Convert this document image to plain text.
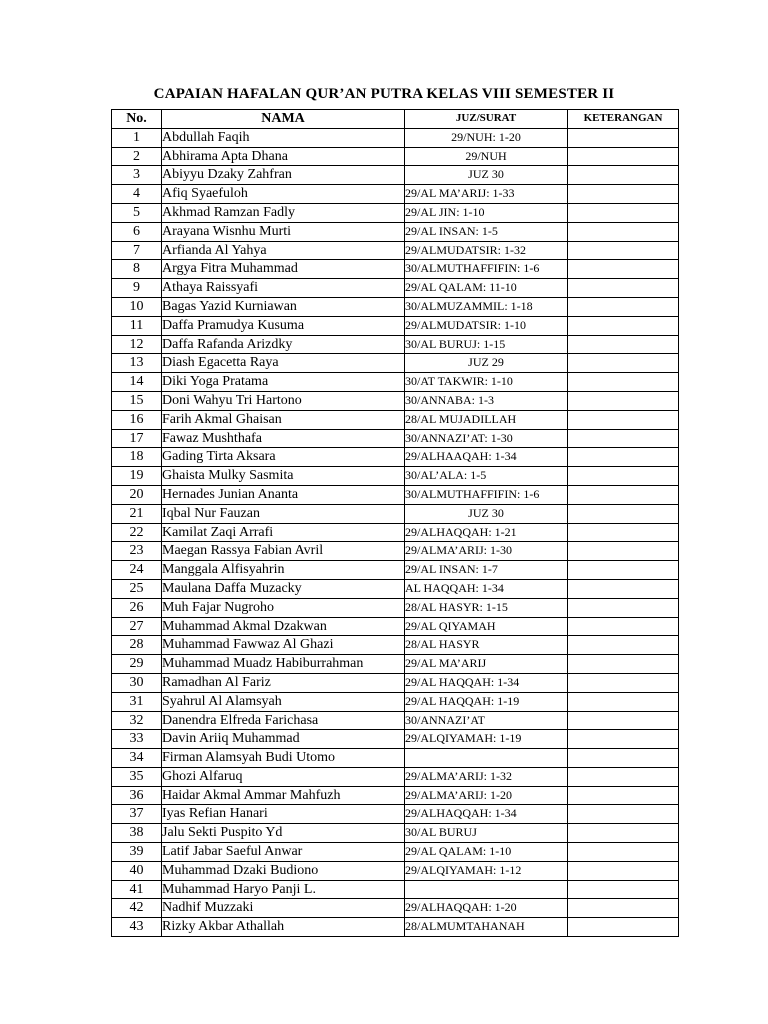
CAPAIAN HAFALAN QUR’AN PUTRA KELAS VIII SEMESTER II
No.	NAMA	JUZ/SURAT	KETERANGAN
1	Abdullah Faqih	29/NUH: 1-20	
2	Abhirama Apta Dhana	29/NUH	
3	Abiyyu Dzaky Zahfran	JUZ 30	
4	Afiq Syaefuloh	29/AL MA’ARIJ: 1-33	
5	Akhmad Ramzan Fadly	29/AL JIN: 1-10	
6	Arayana Wisnhu Murti	29/AL INSAN: 1-5	
7	Arfianda Al Yahya	29/ALMUDATSIR: 1-32	
8	Argya Fitra Muhammad	30/ALMUTHAFFIFIN: 1-6	
9	Athaya Raissyafi	29/AL QALAM: 11-10	
10	Bagas Yazid Kurniawan	30/ALMUZAMMIL: 1-18	
11	Daffa Pramudya Kusuma	29/ALMUDATSIR: 1-10	
12	Daffa Rafanda Arizdky	30/AL BURUJ: 1-15	
13	Diash Egacetta Raya	JUZ 29	
14	Diki Yoga Pratama	30/AT TAKWIR: 1-10	
15	Doni Wahyu Tri Hartono	30/ANNABA: 1-3	
16	Farih Akmal Ghaisan	28/AL MUJADILLAH	
17	Fawaz Mushthafa	30/ANNAZI’AT: 1-30	
18	Gading Tirta Aksara	29/ALHAAQAH: 1-34	
19	Ghaista Mulky Sasmita	30/AL’ALA: 1-5	
20	Hernades Junian Ananta	30/ALMUTHAFFIFIN: 1-6	
21	Iqbal Nur Fauzan	JUZ 30	
22	Kamilat Zaqi Arrafi	29/ALHAQQAH: 1-21	
23	Maegan Rassya Fabian Avril	29/ALMA’ARIJ: 1-30	
24	Manggala Alfisyahrin	29/AL INSAN: 1-7	
25	Maulana Daffa Muzacky	AL HAQQAH: 1-34	
26	Muh Fajar Nugroho	28/AL HASYR: 1-15	
27	Muhammad Akmal Dzakwan	29/AL QIYAMAH	
28	Muhammad Fawwaz Al Ghazi	28/AL HASYR	
29	Muhammad Muadz Habiburrahman	29/AL MA’ARIJ	
30	Ramadhan Al Fariz	29/AL HAQQAH: 1-34	
31	Syahrul Al Alamsyah	29/AL HAQQAH: 1-19	
32	Danendra Elfreda Farichasa	30/ANNAZI’AT	
33	Davin Ariiq Muhammad	29/ALQIYAMAH: 1-19	
34	Firman Alamsyah Budi Utomo		
35	Ghozi Alfaruq	29/ALMA’ARIJ: 1-32	
36	Haidar Akmal Ammar Mahfuzh	29/ALMA’ARIJ: 1-20	
37	Iyas Refian Hanari	29/ALHAQQAH: 1-34	
38	Jalu Sekti Puspito Yd	30/AL BURUJ	
39	Latif Jabar Saeful Anwar	29/AL QALAM: 1-10	
40	Muhammad Dzaki Budiono	29/ALQIYAMAH: 1-12	
41	Muhammad Haryo Panji L.		
42	Nadhif Muzzaki	29/ALHAQQAH: 1-20	
43	Rizky Akbar Athallah	28/ALMUMTAHANAH	
